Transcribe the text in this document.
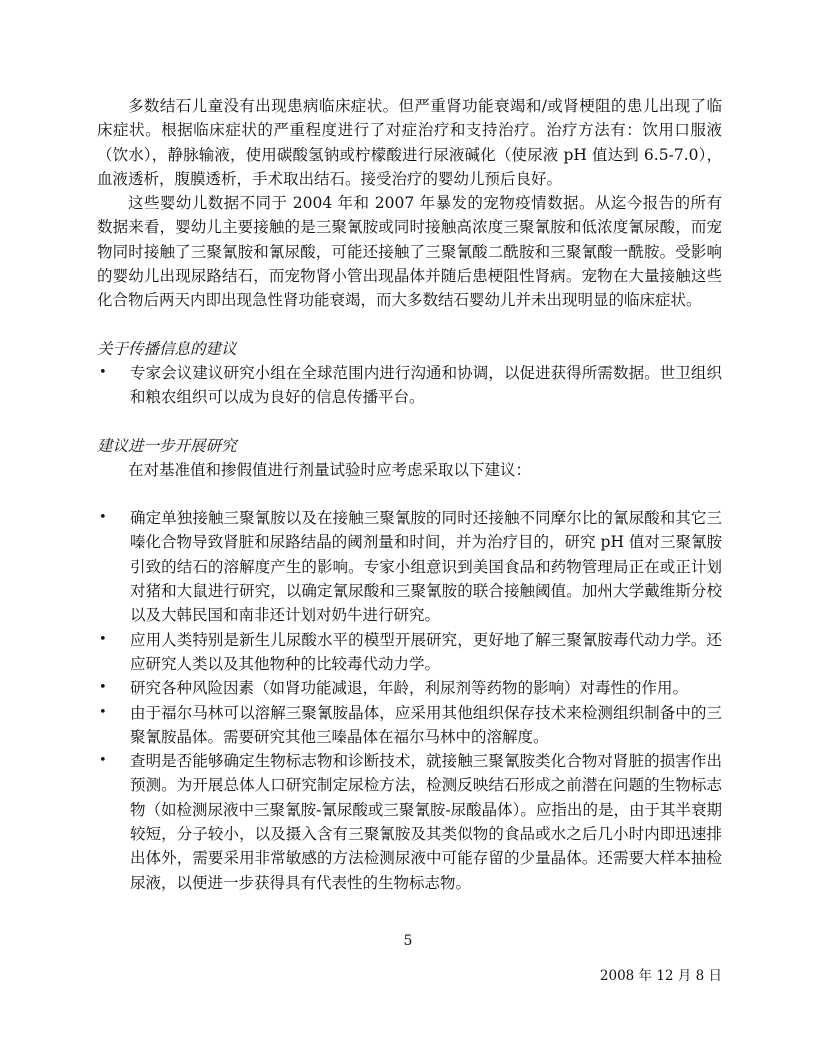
多数结石儿童没有出现患病临床症状。但严重肾功能衰竭和/或肾梗阻的患儿出现了临床症状。根据临床症状的严重程度进行了对症治疗和支持治疗。治疗方法有：饮用口服液（饮水），静脉输液，使用碳酸氢钠或柠檬酸进行尿液碱化（使尿液 pH 值达到 6.5-7.0），血液透析，腹膜透析，手术取出结石。接受治疗的婴幼儿预后良好。

这些婴幼儿数据不同于 2004 年和 2007 年暴发的宠物疫情数据。从迄今报告的所有数据来看，婴幼儿主要接触的是三聚氰胺或同时接触高浓度三聚氰胺和低浓度氰尿酸，而宠物同时接触了三聚氰胺和氰尿酸，可能还接触了三聚氰酸二酰胺和三聚氰酸一酰胺。受影响的婴幼儿出现尿路结石，而宠物肾小管出现晶体并随后患梗阻性肾病。宠物在大量接触这些化合物后两天内即出现急性肾功能衰竭，而大多数结石婴幼儿并未出现明显的临床症状。

关于传播信息的建议

• 专家会议建议研究小组在全球范围内进行沟通和协调，以促进获得所需数据。世卫组织和粮农组织可以成为良好的信息传播平台。

建议进一步开展研究

在对基准值和掺假值进行剂量试验时应考虑采取以下建议：

• 确定单独接触三聚氰胺以及在接触三聚氰胺的同时还接触不同摩尔比的氰尿酸和其它三嗪化合物导致肾脏和尿路结晶的阈剂量和时间，并为治疗目的，研究 pH 值对三聚氰胺引致的结石的溶解度产生的影响。专家小组意识到美国食品和药物管理局正在或正计划对猪和大鼠进行研究，以确定氰尿酸和三聚氰胺的联合接触阈值。加州大学戴维斯分校以及大韩民国和南非还计划对奶牛进行研究。
• 应用人类特别是新生儿尿酸水平的模型开展研究，更好地了解三聚氰胺毒代动力学。还应研究人类以及其他物种的比较毒代动力学。
• 研究各种风险因素（如肾功能减退，年龄，利尿剂等药物的影响）对毒性的作用。
• 由于福尔马林可以溶解三聚氰胺晶体，应采用其他组织保存技术来检测组织制备中的三聚氰胺晶体。需要研究其他三嗪晶体在福尔马林中的溶解度。
• 查明是否能够确定生物标志物和诊断技术，就接触三聚氰胺类化合物对肾脏的损害作出预测。为开展总体人口研究制定尿检方法，检测反映结石形成之前潜在问题的生物标志物（如检测尿液中三聚氰胺-氰尿酸或三聚氰胺-尿酸晶体）。应指出的是，由于其半衰期较短，分子较小，以及摄入含有三聚氰胺及其类似物的食品或水之后几小时内即迅速排出体外，需要采用非常敏感的方法检测尿液中可能存留的少量晶体。还需要大样本抽检尿液，以便进一步获得具有代表性的生物标志物。
5
2008 年 12 月 8 日
